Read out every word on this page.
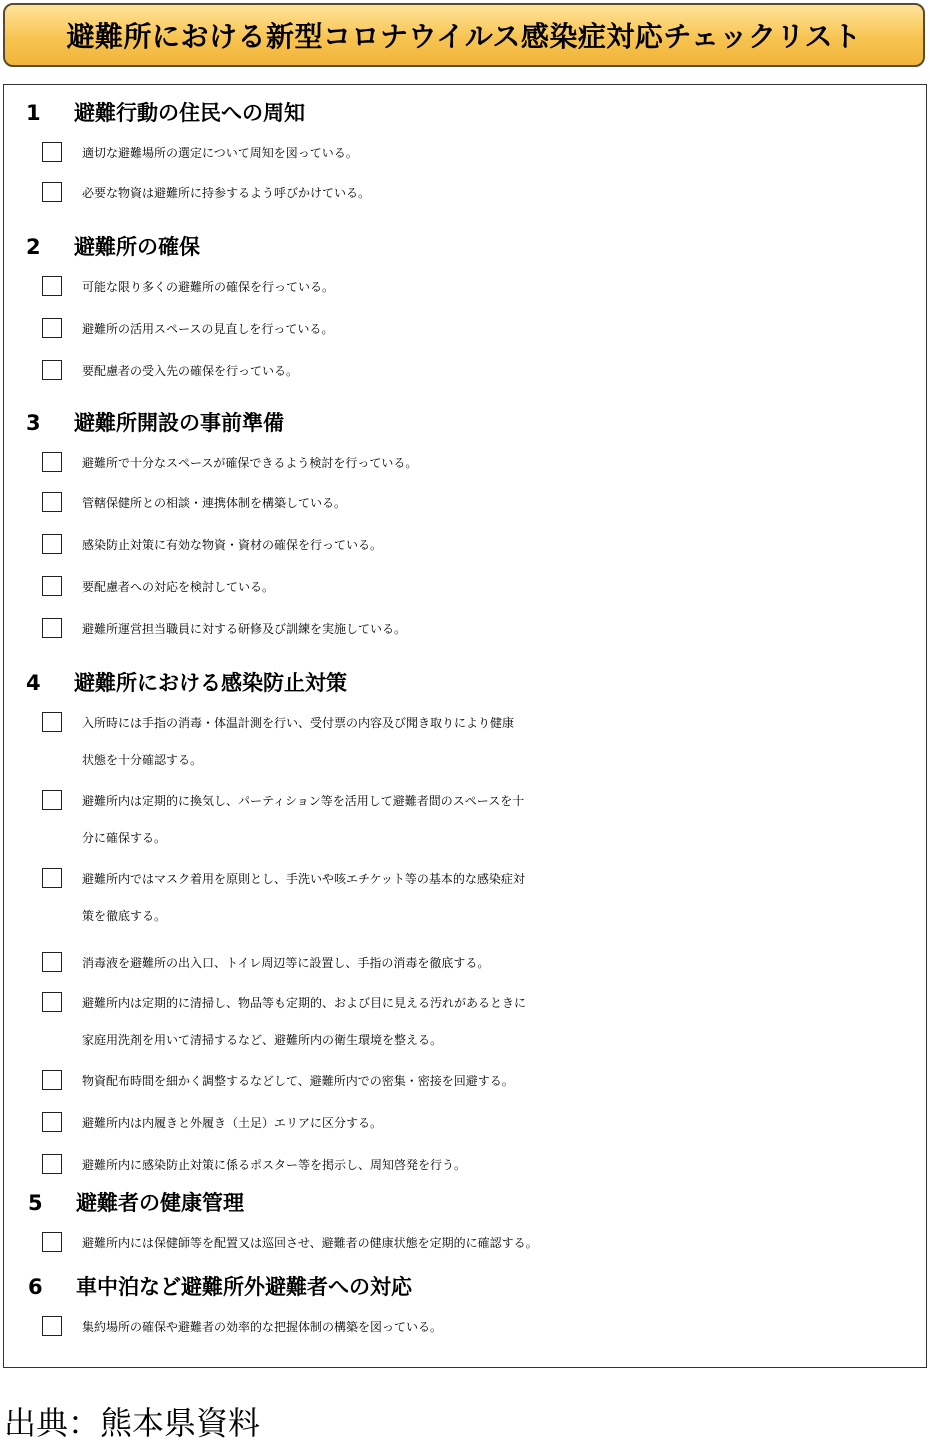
避難所における新型コロナウイルス感染症対応チェックリスト
1 避難行動の住民への周知
適切な避難場所の選定について周知を図っている。
必要な物資は避難所に持参するよう呼びかけている。
2 避難所の確保
可能な限り多くの避難所の確保を行っている。
避難所の活用スペースの見直しを行っている。
要配慮者の受入先の確保を行っている。
3 避難所開設の事前準備
避難所で十分なスペースが確保できるよう検討を行っている。
管轄保健所との相談・連携体制を構築している。
感染防止対策に有効な物資・資材の確保を行っている。
要配慮者への対応を検討している。
避難所運営担当職員に対する研修及び訓練を実施している。
4 避難所における感染防止対策
入所時には手指の消毒・体温計測を行い、受付票の内容及び聞き取りにより健康
状態を十分確認する。
避難所内は定期的に換気し、パーティション等を活用して避難者間のスペースを十
分に確保する。
避難所内ではマスク着用を原則とし、手洗いや咳エチケット等の基本的な感染症対
策を徹底する。
消毒液を避難所の出入口、トイレ周辺等に設置し、手指の消毒を徹底する。
避難所内は定期的に清掃し、物品等も定期的、および目に見える汚れがあるときに
家庭用洗剤を用いて清掃するなど、避難所内の衛生環境を整える。
物資配布時間を細かく調整するなどして、避難所内での密集・密接を回避する。
避難所内は内履きと外履き（土足）エリアに区分する。
避難所内に感染防止対策に係るポスター等を掲示し、周知啓発を行う。
5 避難者の健康管理
避難所内には保健師等を配置又は巡回させ、避難者の健康状態を定期的に確認する。
6 車中泊など避難所外避難者への対応
集約場所の確保や避難者の効率的な把握体制の構築を図っている。
出典：熊本県資料
